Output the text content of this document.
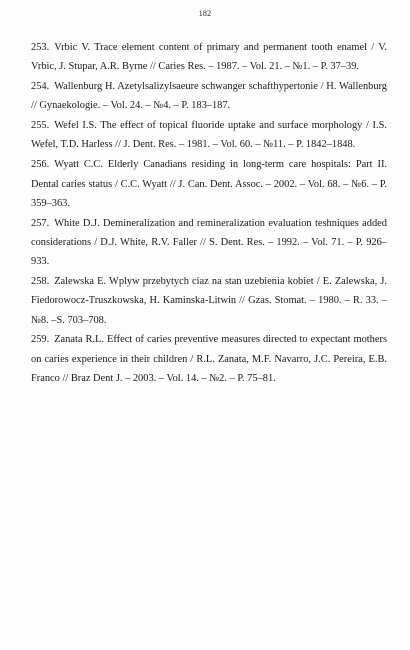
182
253. Vrbic V. Trace element content of primary and permanent tooth enamel / V. Vrbic, J. Stupar, A.R. Byrne // Caries Res. – 1987. – Vol. 21. – №1. – P. 37–39.
254. Wallenburg H. Azetylsalizylsaeure schwanger schafthypertonie / H. Wallenburg // Gynaekologie. – Vol. 24. – №4. – P. 183–187.
255. Wefel I.S. The effect of topical fluoride uptake and surface morphology / I.S. Wefel, T.D. Harless // J. Dent. Res. – 1981. – Vol. 60. – №11. – P. 1842–1848.
256. Wyatt C.C. Elderly Canadians residing in long-term care hospitals: Part II. Dental caries status / C.C. Wyatt // J. Can. Dent. Assoc. – 2002. – Vol. 68. – №6. – P. 359–363.
257. White D.J. Demineralization and remineralization evaluation teshniques added considerations / D.J. White, R.V. Faller // S. Dent. Res. – 1992. – Vol. 71. – P. 926–933.
258. Zalewska E. Wplyw przebytych ciaz na stan uzebienia kobiet / E. Zalewska, J. Fiedorowocz-Truszkowska, H. Kaminska-Litwin // Gzas. Stomat. – 1980. – R. 33. – №8. –S. 703–708.
259. Zanata R.L. Effect of caries preventive measures directed to expectant mothers on caries experience in their children / R.L. Zanata, M.F. Navarro, J.C. Pereira, E.B. Franco // Braz Dent J. – 2003. – Vol. 14. – №2. – P. 75–81.
